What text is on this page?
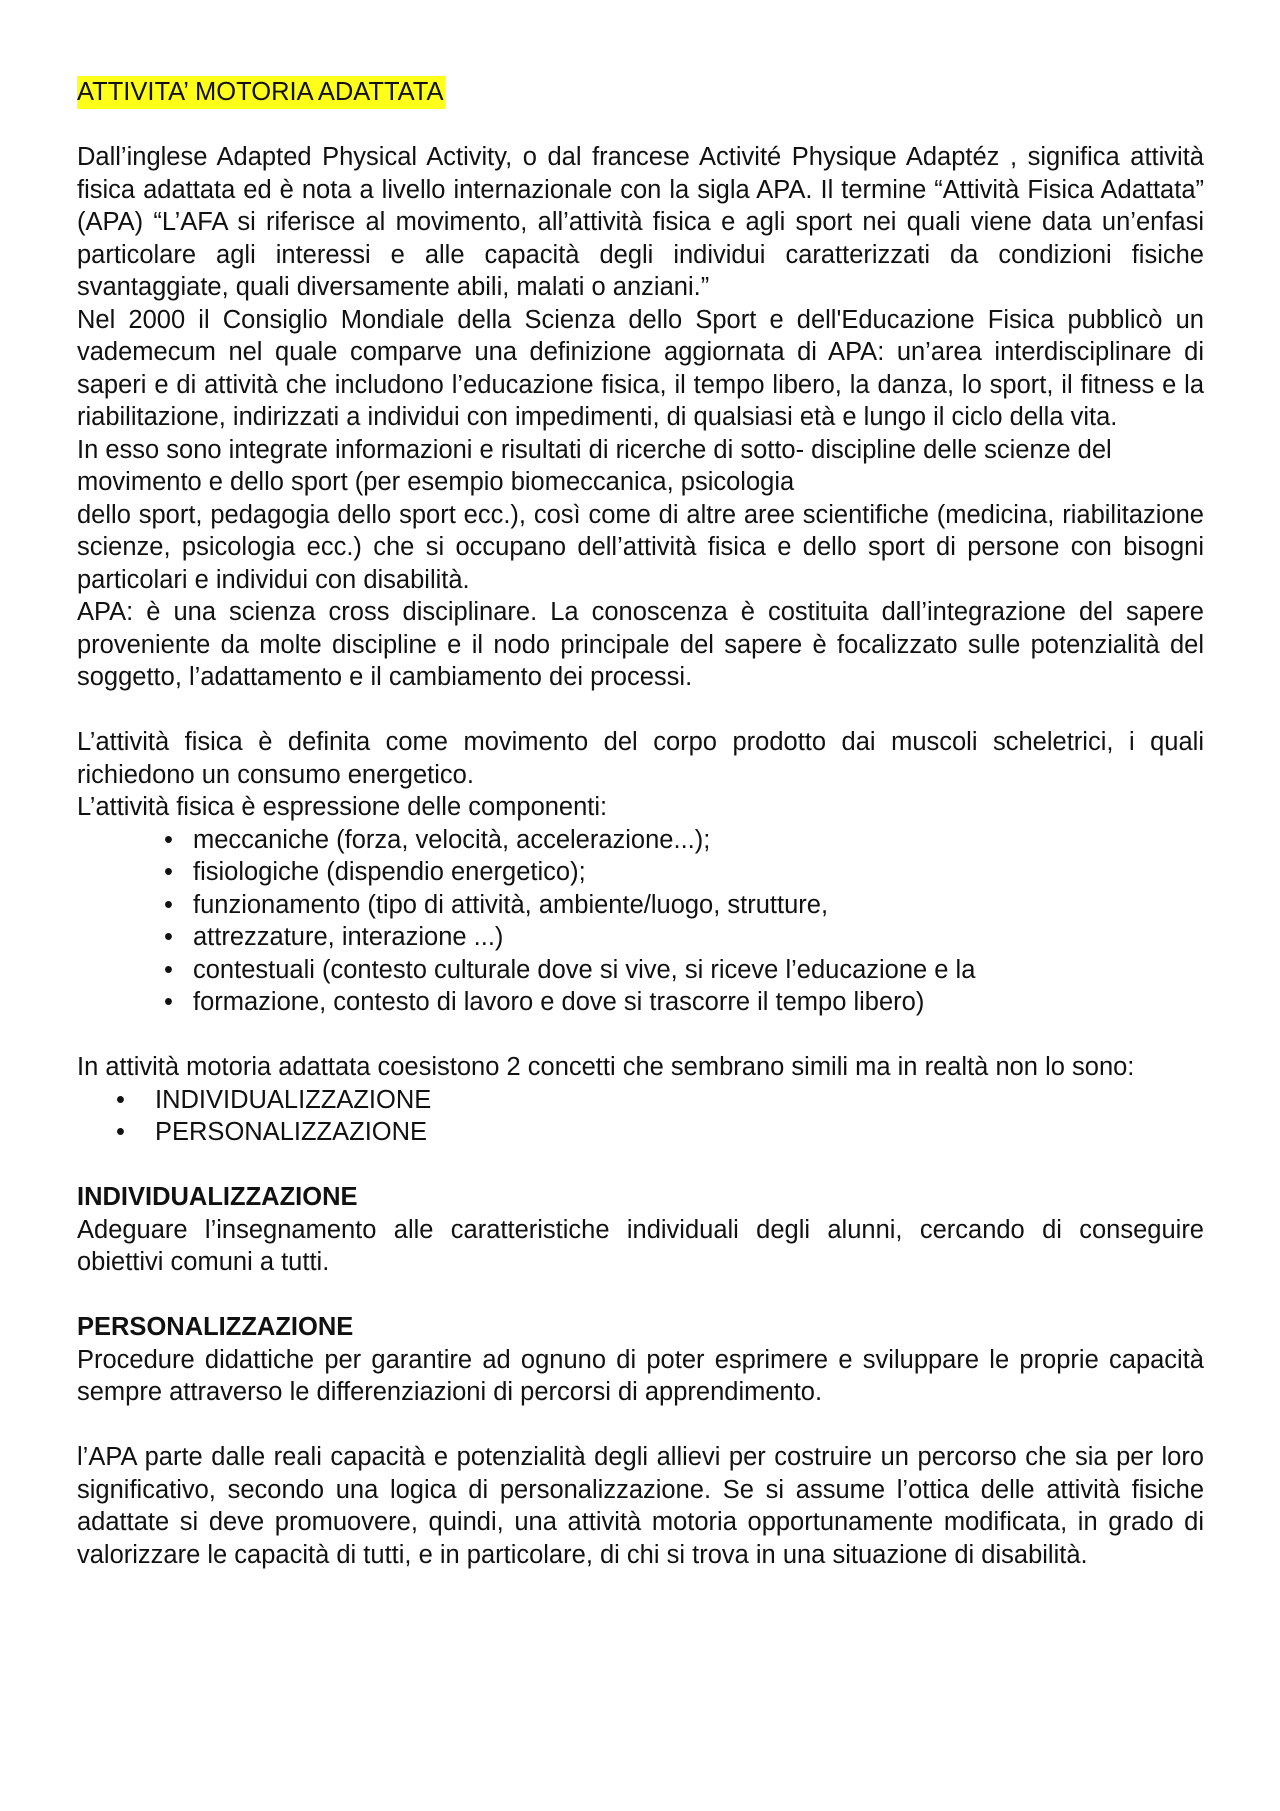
ATTIVITA’ MOTORIA ADATTATA

Dall’inglese Adapted Physical Activity, o dal francese Activité Physique Adaptéz , significa attività fisica adattata ed è nota a livello internazionale con la sigla APA. Il termine “Attività Fisica Adattata” (APA) “L’AFA si riferisce al movimento, all’attività fisica e agli sport nei quali viene data un’enfasi particolare agli interessi e alle capacità degli individui caratterizzati da condizioni fisiche svantaggiate, quali diversamente abili, malati o anziani.”

Nel 2000 il Consiglio Mondiale della Scienza dello Sport e dell'Educazione Fisica pubblicò un vademecum nel quale comparve una definizione aggiornata di APA: un’area interdisciplinare di saperi e di attività che includono l’educazione fisica, il tempo libero, la danza, lo sport, il fitness e la riabilitazione, indirizzati a individui con impedimenti, di qualsiasi età e lungo il ciclo della vita.

In esso sono integrate informazioni e risultati di ricerche di sotto- discipline delle scienze del movimento e dello sport (per esempio biomeccanica, psicologia

dello sport, pedagogia dello sport ecc.), così come di altre aree scientifiche (medicina, riabilitazione scienze, psicologia ecc.) che si occupano dell’attività fisica e dello sport di persone con bisogni particolari e individui con disabilità.

APA: è una scienza cross disciplinare. La conoscenza è costituita dall’integrazione del sapere proveniente da molte discipline e il nodo principale del sapere è focalizzato sulle potenzialità del soggetto, l’adattamento e il cambiamento dei processi.

L’attività fisica è definita come movimento del corpo prodotto dai muscoli scheletrici, i quali richiedono un consumo energetico.

L’attività fisica è espressione delle componenti:

• meccaniche (forza, velocità, accelerazione...);
• fisiologiche (dispendio energetico);
• funzionamento (tipo di attività, ambiente/luogo, strutture,
• attrezzature, interazione ...)
• contestuali (contesto culturale dove si vive, si riceve l’educazione e la
• formazione, contesto di lavoro e dove si trascorre il tempo libero)

In attività motoria adattata coesistono 2 concetti che sembrano simili ma in realtà non lo sono:

• INDIVIDUALIZZAZIONE
• PERSONALIZZAZIONE
INDIVIDUALIZZAZIONE

Adeguare l’insegnamento alle caratteristiche individuali degli alunni, cercando di conseguire obiettivi comuni a tutti.

PERSONALIZZAZIONE

Procedure didattiche per garantire ad ognuno di poter esprimere e sviluppare le proprie capacità sempre attraverso le differenziazioni di percorsi di apprendimento.

l’APA parte dalle reali capacità e potenzialità degli allievi per costruire un percorso che sia per loro significativo, secondo una logica di personalizzazione. Se si assume l’ottica delle attività fisiche adattate si deve promuovere, quindi, una attività motoria opportunamente modificata, in grado di valorizzare le capacità di tutti, e in particolare, di chi si trova in una situazione di disabilità.
